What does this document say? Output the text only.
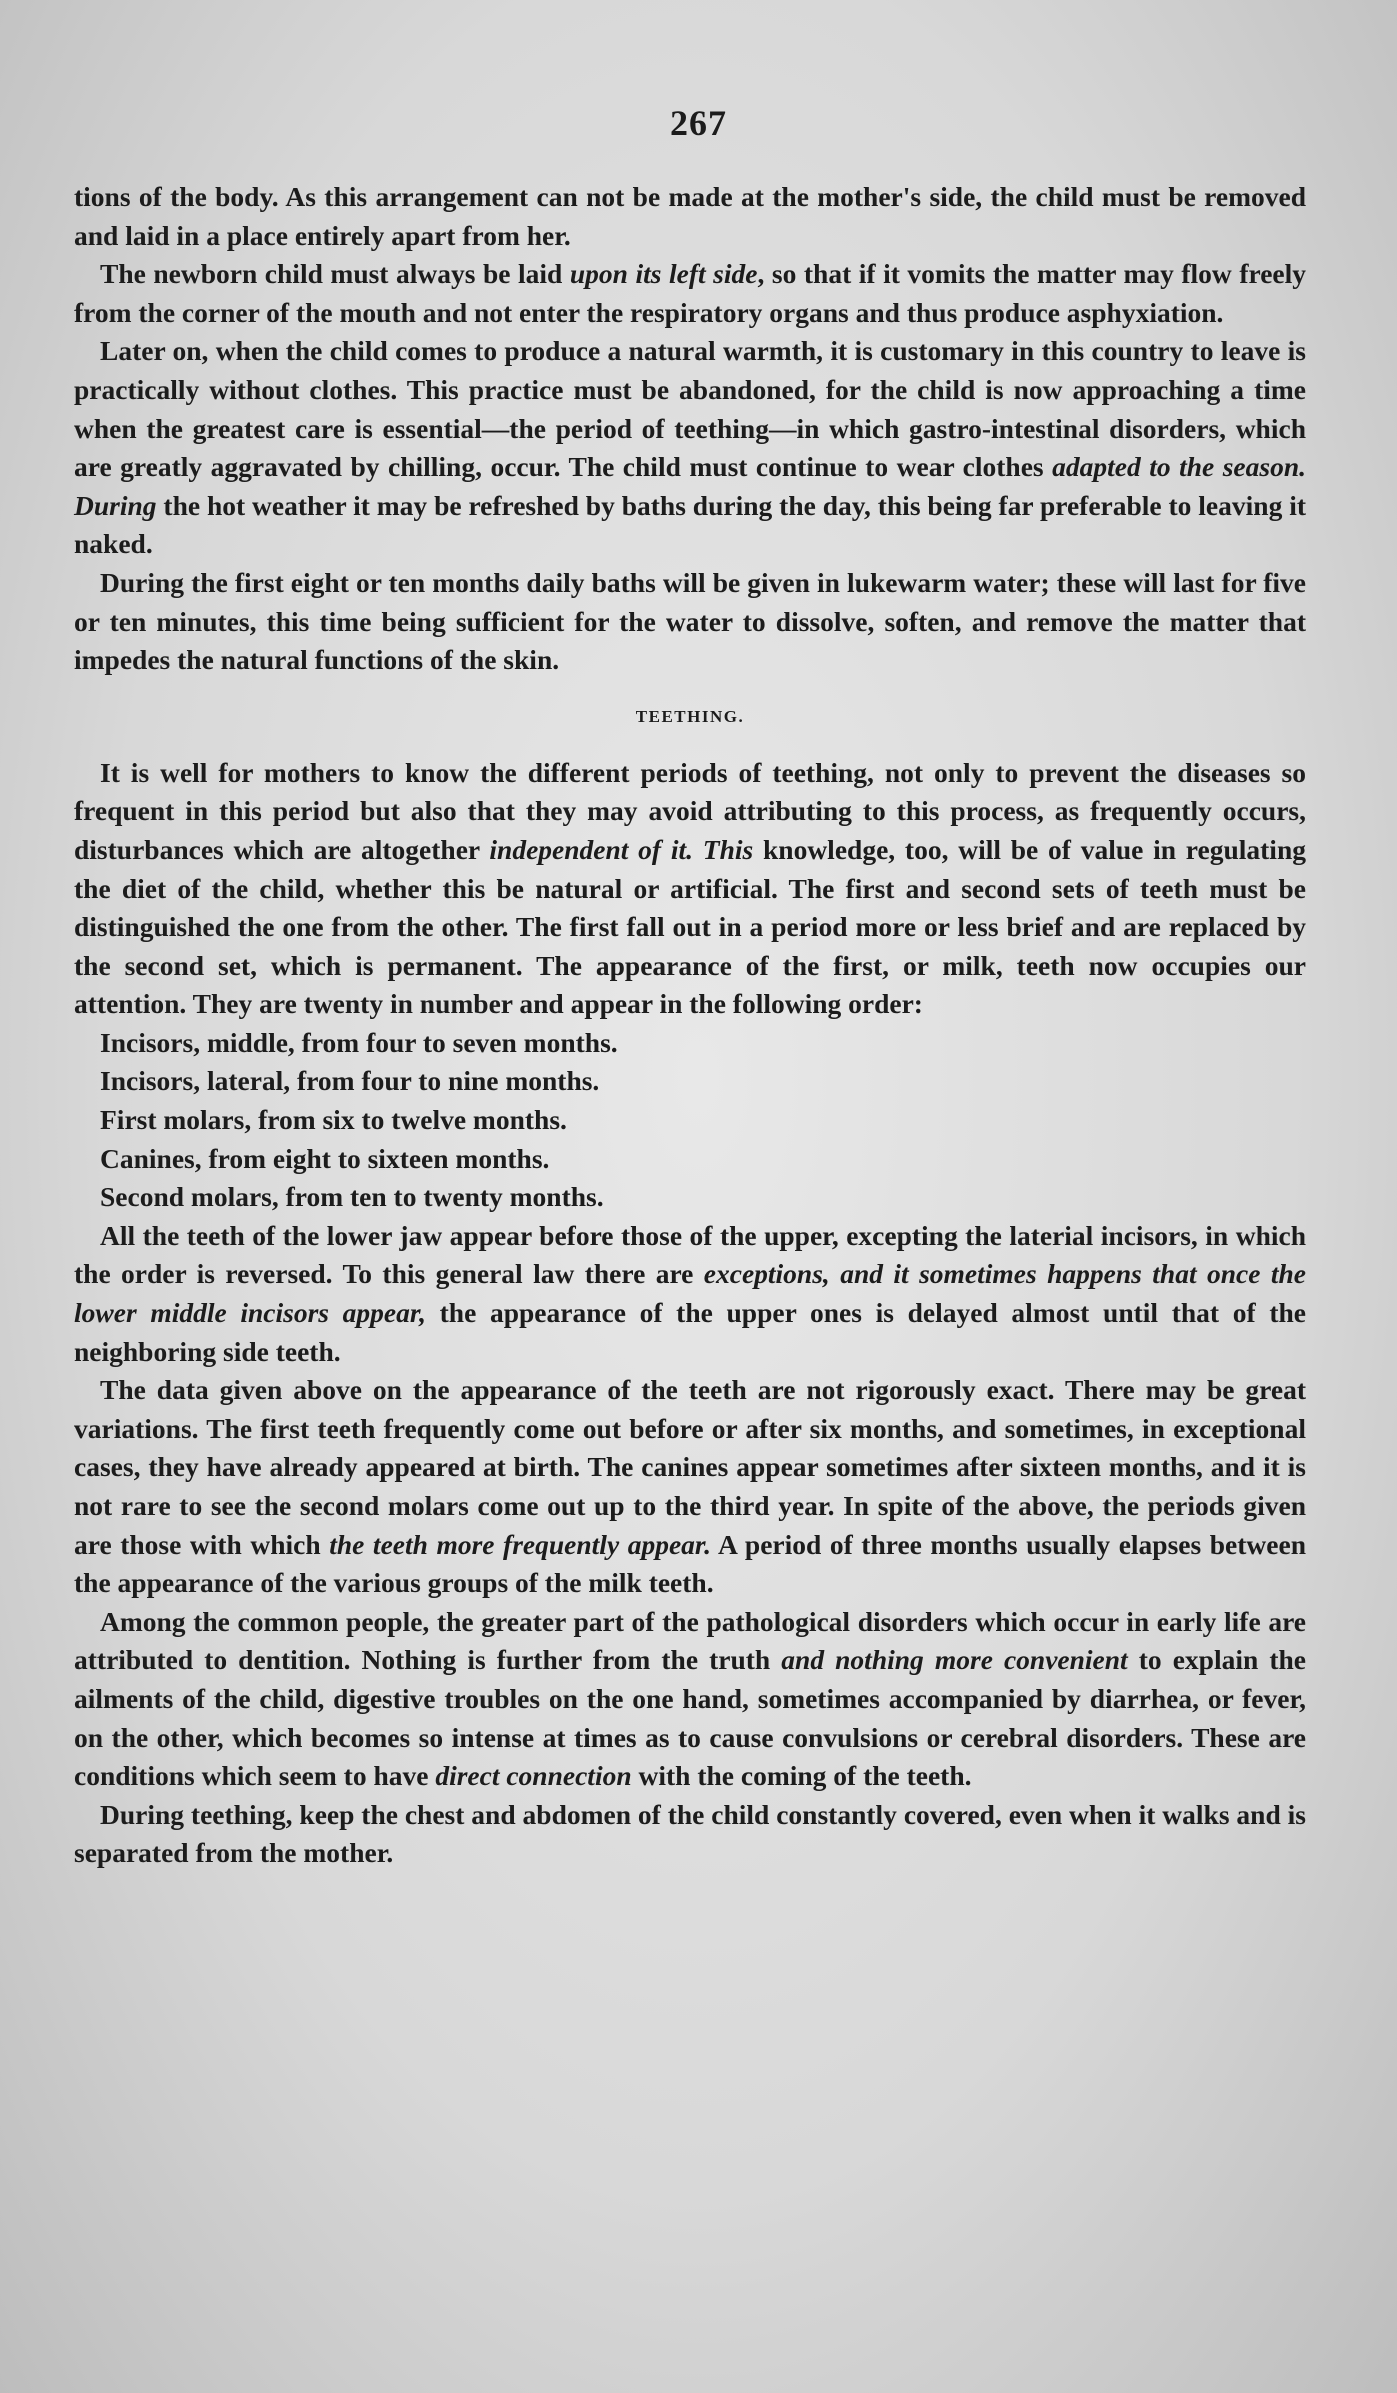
267

tions of the body. As this arrangement can not be made at the mother's side, the child must be removed and laid in a place entirely apart from her.

The newborn child must always be laid upon its left side, so that if it vomits the matter may flow freely from the corner of the mouth and not enter the respiratory organs and thus produce asphyxiation.

Later on, when the child comes to produce a natural warmth, it is customary in this country to leave is practically without clothes. This practice must be abandoned, for the child is now approaching a time when the greatest care is essential—the period of teething—in which gastro-intestinal disorders, which are greatly aggravated by chilling, occur. The child must continue to wear clothes adapted to the season. During the hot weather it may be refreshed by baths during the day, this being far preferable to leaving it naked.

During the first eight or ten months daily baths will be given in lukewarm water; these will last for five or ten minutes, this time being sufficient for the water to dissolve, soften, and remove the matter that impedes the natural functions of the skin.

TEETHING.

It is well for mothers to know the different periods of teething, not only to prevent the diseases so frequent in this period but also that they may avoid attributing to this process, as frequently occurs, disturbances which are altogether independent of it. This knowledge, too, will be of value in regulating the diet of the child, whether this be natural or artificial. The first and second sets of teeth must be distinguished the one from the other. The first fall out in a period more or less brief and are replaced by the second set, which is permanent. The appearance of the first, or milk, teeth now occupies our attention. They are twenty in number and appear in the following order:

Incisors, middle, from four to seven months.

Incisors, lateral, from four to nine months.

First molars, from six to twelve months.

Canines, from eight to sixteen months.

Second molars, from ten to twenty months.

All the teeth of the lower jaw appear before those of the upper, excepting the laterial incisors, in which the order is reversed. To this general law there are exceptions, and it sometimes happens that once the lower middle incisors appear, the appearance of the upper ones is delayed almost until that of the neighboring side teeth.

The data given above on the appearance of the teeth are not rigorously exact. There may be great variations. The first teeth frequently come out before or after six months, and sometimes, in exceptional cases, they have already appeared at birth. The canines appear sometimes after sixteen months, and it is not rare to see the second molars come out up to the third year. In spite of the above, the periods given are those with which the teeth more frequently appear. A period of three months usually elapses between the appearance of the various groups of the milk teeth.

Among the common people, the greater part of the pathological disorders which occur in early life are attributed to dentition. Nothing is further from the truth and nothing more convenient to explain the ailments of the child, digestive troubles on the one hand, sometimes accompanied by diarrhea, or fever, on the other, which becomes so intense at times as to cause convulsions or cerebral disorders. These are conditions which seem to have direct connection with the coming of the teeth.

During teething, keep the chest and abdomen of the child constantly covered, even when it walks and is separated from the mother.
